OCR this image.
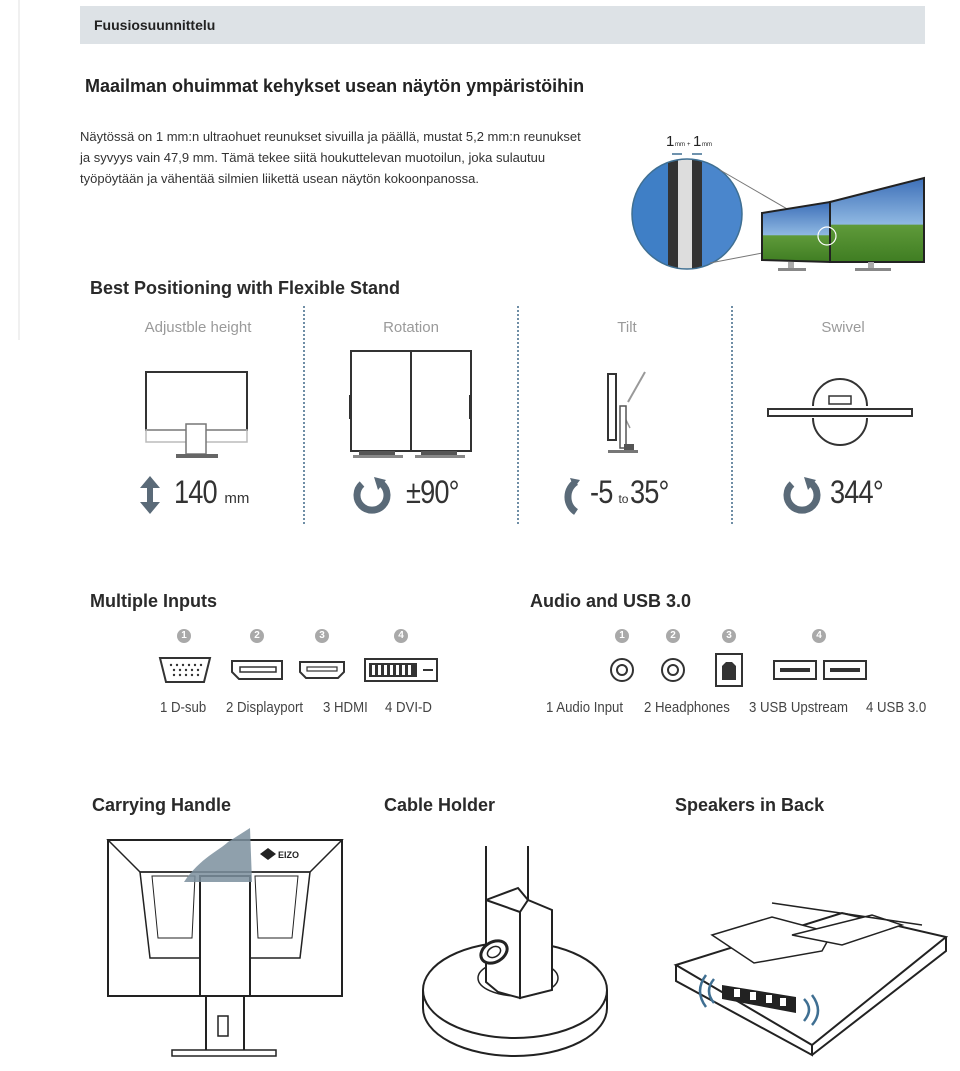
Fuusiosuunnittelu
Maailman ohuimmat kehykset usean näytön ympäristöihin
Näytössä on 1 mm:n ultraohuet reunukset sivuilla ja päällä, mustat 5,2 mm:n reunukset
ja syvyys vain 47,9 mm. Tämä tekee siitä houkuttelevan muotoilun, joka sulautuu
työpöytään ja vähentää silmien liikettä usean näytön kokoonpanossa.
1 mm + 1 mm
Best Positioning with Flexible Stand
Adjustble height	Rotation	Tilt	Swivel
140 mm	±90°	-5 to35°	344°
Multiple Inputs
1	2	3	4
1 D-sub 2 Displayport 3 HDMI 4 DVI-D
Audio and USB 3.0
1	2	3	4
1 Audio Input 2 Headphones 3 USB Upstream 4 USB 3.0
Carrying Handle	Cable Holder	Speakers in Back
EIZO
